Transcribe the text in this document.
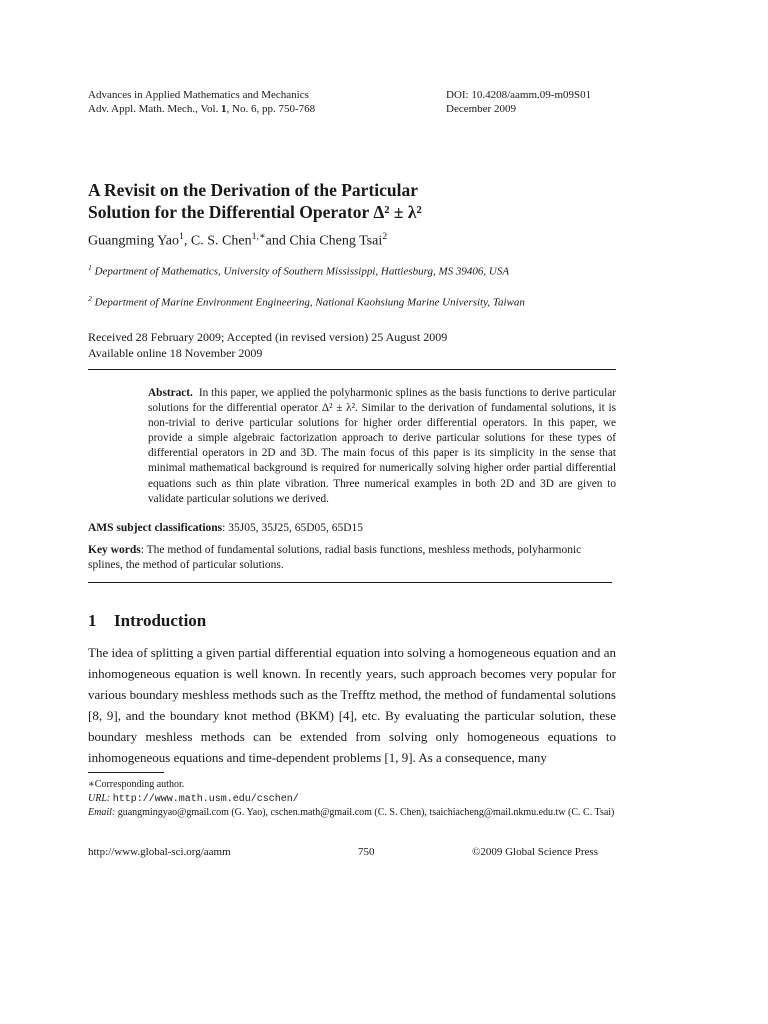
Advances in Applied Mathematics and Mechanics
Adv. Appl. Math. Mech., Vol. 1, No. 6, pp. 750-768
DOI: 10.4208/aamm.09-m09S01
December 2009
A Revisit on the Derivation of the Particular
Solution for the Differential Operator Δ² ± λ²
Guangming Yao$^1$, C. S. Chen$^{1,∗}$and Chia Cheng Tsai$^2$
$^1$ Department of Mathematics, University of Southern Mississippi, Hattiesburg, MS 39406, USA
$^2$ Department of Marine Environment Engineering, National Kaohsiung Marine University, Taiwan
Received 28 February 2009; Accepted (in revised version) 25 August 2009
Available online 18 November 2009
Abstract. In this paper, we applied the polyharmonic splines as the basis functions to derive particular solutions for the differential operator Δ² ± λ². Similar to the derivation of fundamental solutions, it is non-trivial to derive particular solutions for higher order differential operators. In this paper, we provide a simple algebraic factorization approach to derive particular solutions for these types of differential operators in 2D and 3D. The main focus of this paper is its simplicity in the sense that minimal mathematical background is required for numerically solving higher order partial differential equations such as thin plate vibration. Three numerical examples in both 2D and 3D are given to validate particular solutions we derived.
AMS subject classifications: 35J05, 35J25, 65D05, 65D15
Key words: The method of fundamental solutions, radial basis functions, meshless methods, polyharmonic splines, the method of particular solutions.
1 Introduction
The idea of splitting a given partial differential equation into solving a homogeneous equation and an inhomogeneous equation is well known. In recently years, such approach becomes very popular for various boundary meshless methods such as the Trefftz method, the method of fundamental solutions [8, 9], and the boundary knot method (BKM) [4], etc. By evaluating the particular solution, these boundary meshless methods can be extended from solving only homogeneous equations to inhomogeneous equations and time-dependent problems [1, 9]. As a consequence, many
∗Corresponding author.
URL: http://www.math.usm.edu/cschen/
Email: guangmingyao@gmail.com (G. Yao), cschen.math@gmail.com (C. S. Chen), tsaichiacheng@mail.nkmu.edu.tw (C. C. Tsai)
http://www.global-sci.org/aamm	750	©2009 Global Science Press
